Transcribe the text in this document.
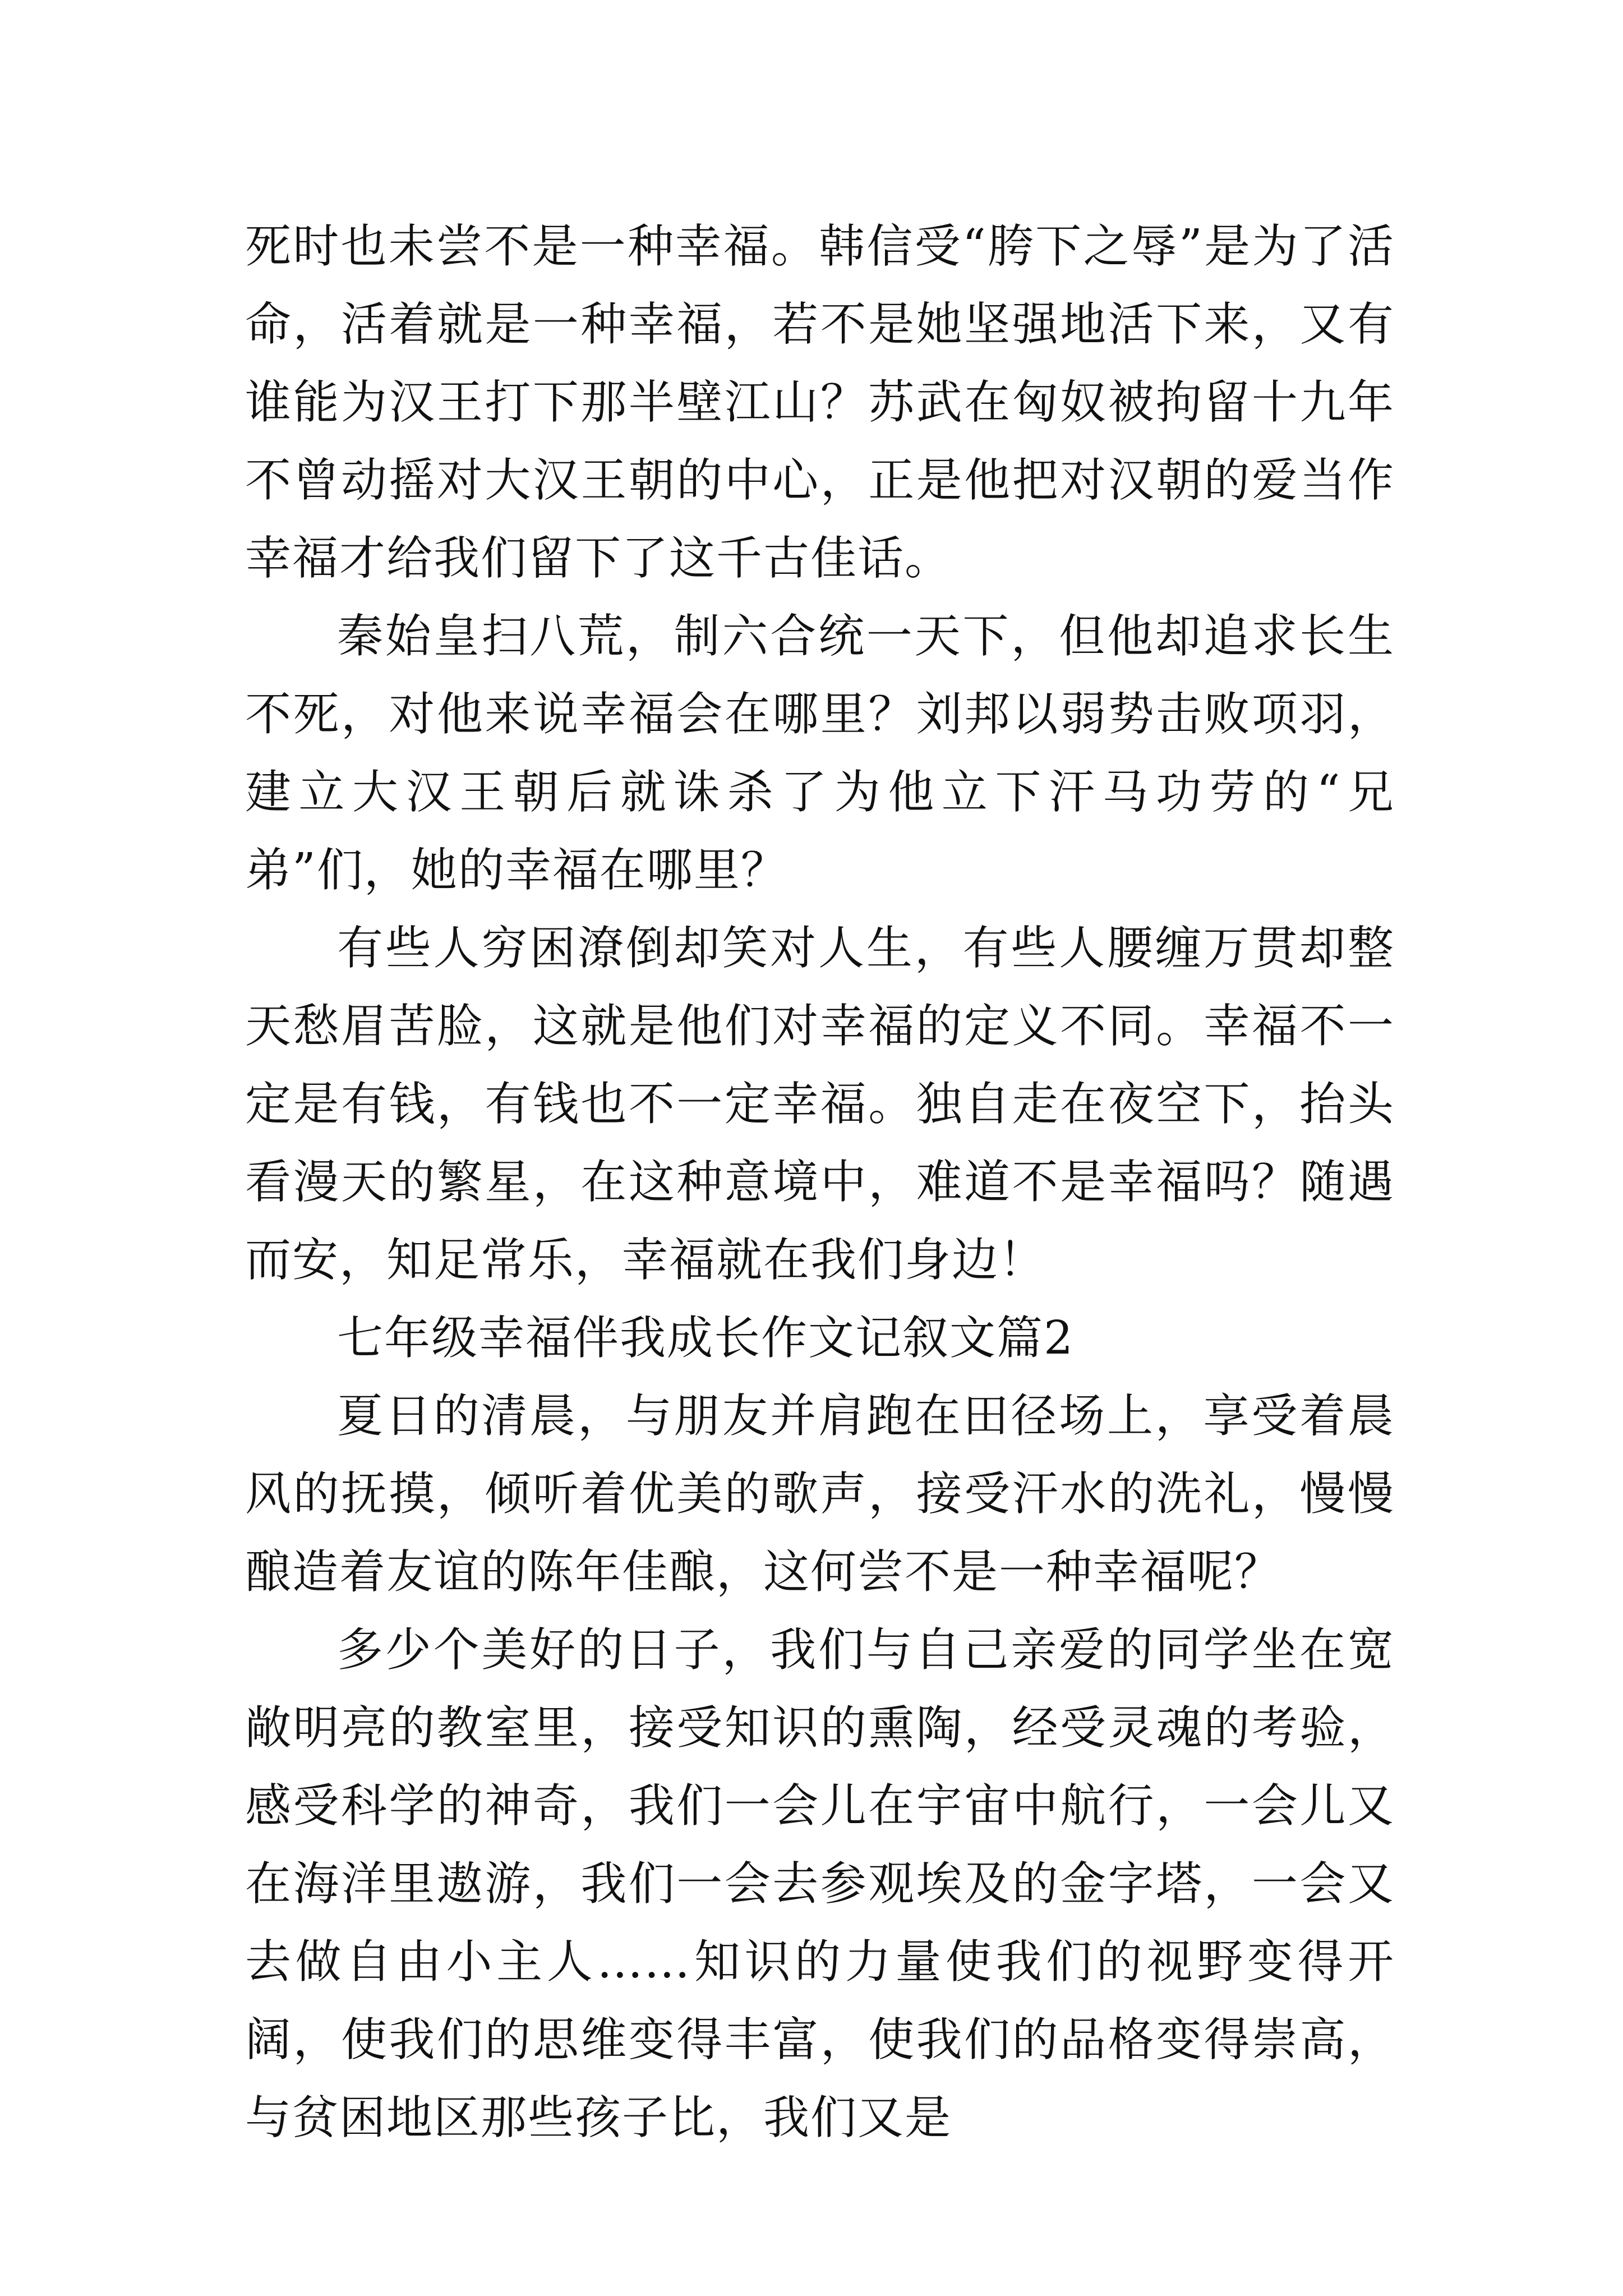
死时也未尝不是一种幸福。韩信受“胯下之辱”是为了活命，活着就是一种幸福，若不是她坚强地活下来，又有谁能为汉王打下那半壁江山？苏武在匈奴被拘留十九年不曾动摇对大汉王朝的中心，正是他把对汉朝的爱当作幸福才给我们留下了这千古佳话。

秦始皇扫八荒，制六合统一天下，但他却追求长生不死，对他来说幸福会在哪里？刘邦以弱势击败项羽，建立大汉王朝后就诛杀了为他立下汗马功劳的“兄弟”们，她的幸福在哪里？

有些人穷困潦倒却笑对人生，有些人腰缠万贯却整天愁眉苦脸，这就是他们对幸福的定义不同。幸福不一定是有钱，有钱也不一定幸福。独自走在夜空下，抬头看漫天的繁星，在这种意境中，难道不是幸福吗？随遇而安，知足常乐，幸福就在我们身边！

七年级幸福伴我成长作文记叙文篇2

夏日的清晨，与朋友并肩跑在田径场上，享受着晨风的抚摸，倾听着优美的歌声，接受汗水的洗礼，慢慢酿造着友谊的陈年佳酿，这何尝不是一种幸福呢？

多少个美好的日子，我们与自己亲爱的同学坐在宽敞明亮的教室里，接受知识的熏陶，经受灵魂的考验，感受科学的神奇，我们一会儿在宇宙中航行，一会儿又在海洋里遨游，我们一会去参观埃及的金字塔，一会又去做自由小主人……知识的力量使我们的视野变得开阔，使我们的思维变得丰富，使我们的品格变得崇高，与贫困地区那些孩子比，我们又是
